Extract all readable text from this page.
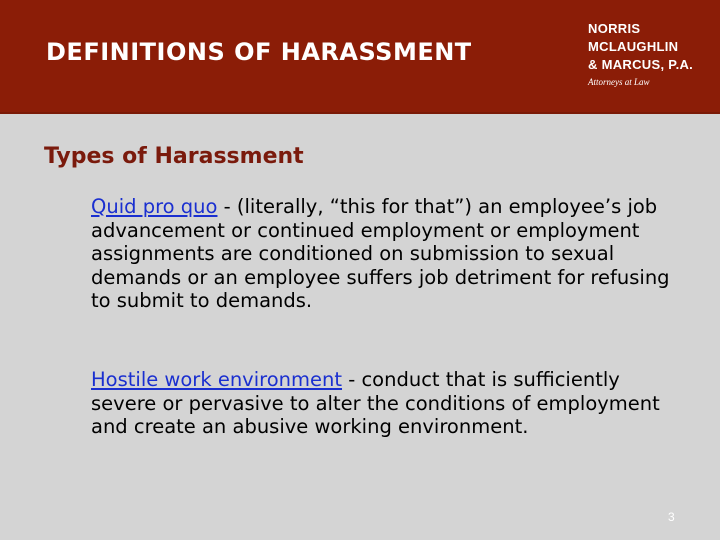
DEFINITIONS OF HARASSMENT
NORRIS
MCLAUGHLIN
& MARCUS, P.A.
Attorneys at Law
Types of Harassment
Quid pro quo - (literally, “this for that”) an employee’s job advancement or continued employment or employment assignments are conditioned on submission to sexual demands or an employee suffers job detriment for refusing to submit to demands.
Hostile work environment - conduct that is sufficiently severe or pervasive to alter the conditions of employment and create an abusive working environment.
3
